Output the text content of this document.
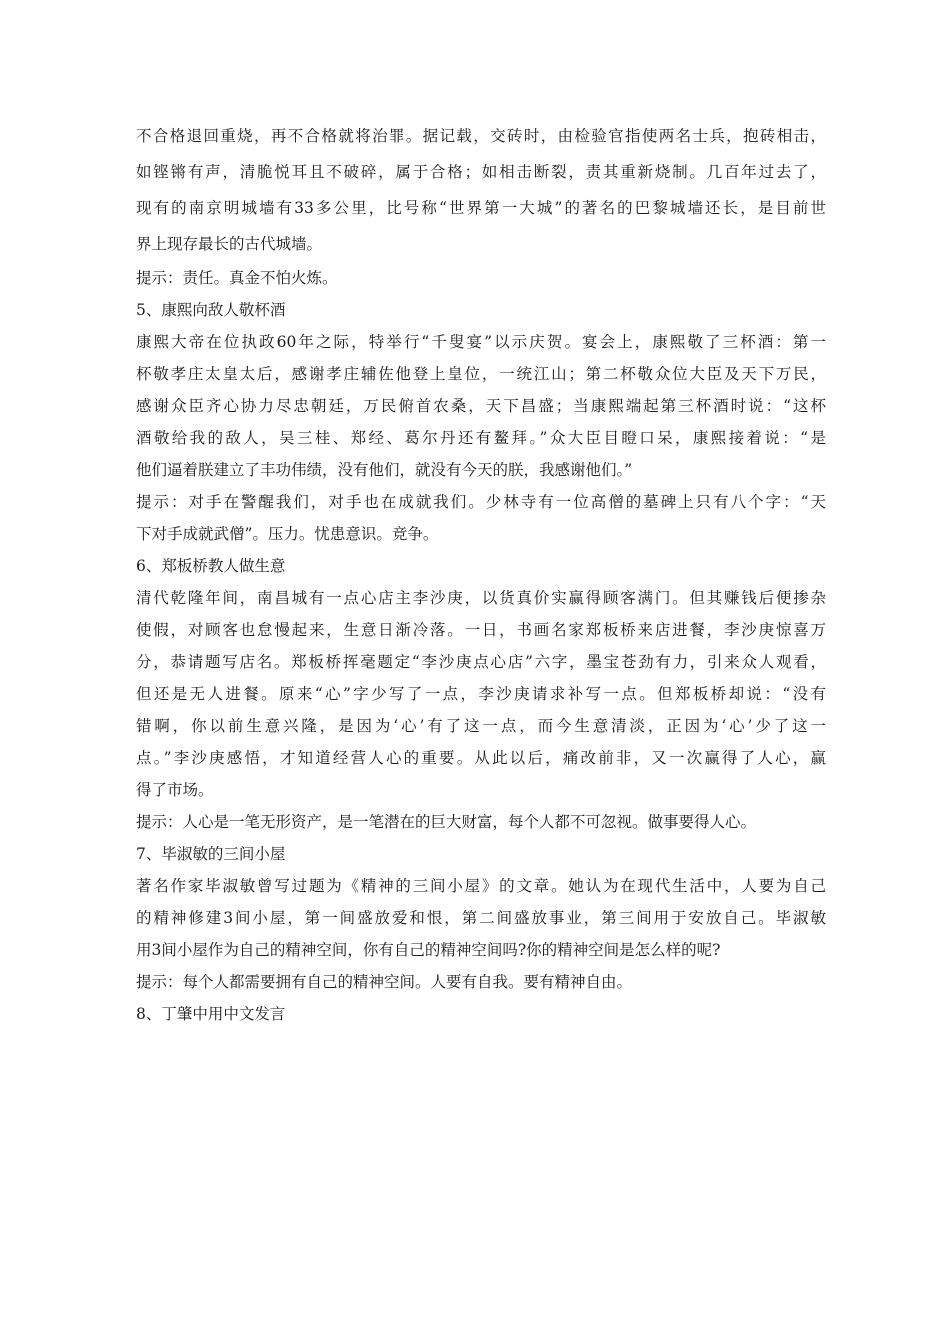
不合格退回重烧，再不合格就将治罪。据记载，交砖时，由检验官指使两名士兵，抱砖相击，
如铿锵有声，清脆悦耳且不破碎，属于合格；如相击断裂，责其重新烧制。几百年过去了，
现有的南京明城墙有33多公里，比号称“世界第一大城”的著名的巴黎城墙还长，是目前世
界上现存最长的古代城墙。
提示：责任。真金不怕火炼。
5、康熙向敌人敬杯酒
康熙大帝在位执政60年之际，特举行“千叟宴”以示庆贺。宴会上，康熙敬了三杯酒：第一
杯敬孝庄太皇太后，感谢孝庄辅佐他登上皇位，一统江山；第二杯敬众位大臣及天下万民，
感谢众臣齐心协力尽忠朝廷，万民俯首农桑，天下昌盛；当康熙端起第三杯酒时说：“这杯
酒敬给我的敌人，吴三桂、郑经、葛尔丹还有鳌拜。”众大臣目瞪口呆，康熙接着说：“是
他们逼着朕建立了丰功伟绩，没有他们，就没有今天的朕，我感谢他们。”
提示：对手在警醒我们，对手也在成就我们。少林寺有一位高僧的墓碑上只有八个字：“天
下对手成就武僧”。压力。忧患意识。竞争。
6、郑板桥教人做生意
清代乾隆年间，南昌城有一点心店主李沙庚，以货真价实赢得顾客满门。但其赚钱后便掺杂
使假，对顾客也怠慢起来，生意日渐冷落。一日，书画名家郑板桥来店进餐，李沙庚惊喜万
分，恭请题写店名。郑板桥挥毫题定“李沙庚点心店”六字，墨宝苍劲有力，引来众人观看，
但还是无人进餐。原来“心”字少写了一点，李沙庚请求补写一点。但郑板桥却说：“没有
错啊，你以前生意兴隆，是因为‘心’有了这一点，而今生意清淡，正因为‘心’少了这一
点。”李沙庚感悟，才知道经营人心的重要。从此以后，痛改前非，又一次赢得了人心，赢
得了市场。
提示：人心是一笔无形资产，是一笔潜在的巨大财富，每个人都不可忽视。做事要得人心。
7、毕淑敏的三间小屋
著名作家毕淑敏曾写过题为《精神的三间小屋》的文章。她认为在现代生活中，人要为自己
的精神修建3间小屋，第一间盛放爱和恨，第二间盛放事业，第三间用于安放自己。毕淑敏
用3间小屋作为自己的精神空间，你有自己的精神空间吗?你的精神空间是怎么样的呢?
提示：每个人都需要拥有自己的精神空间。人要有自我。要有精神自由。
8、丁肇中用中文发言
